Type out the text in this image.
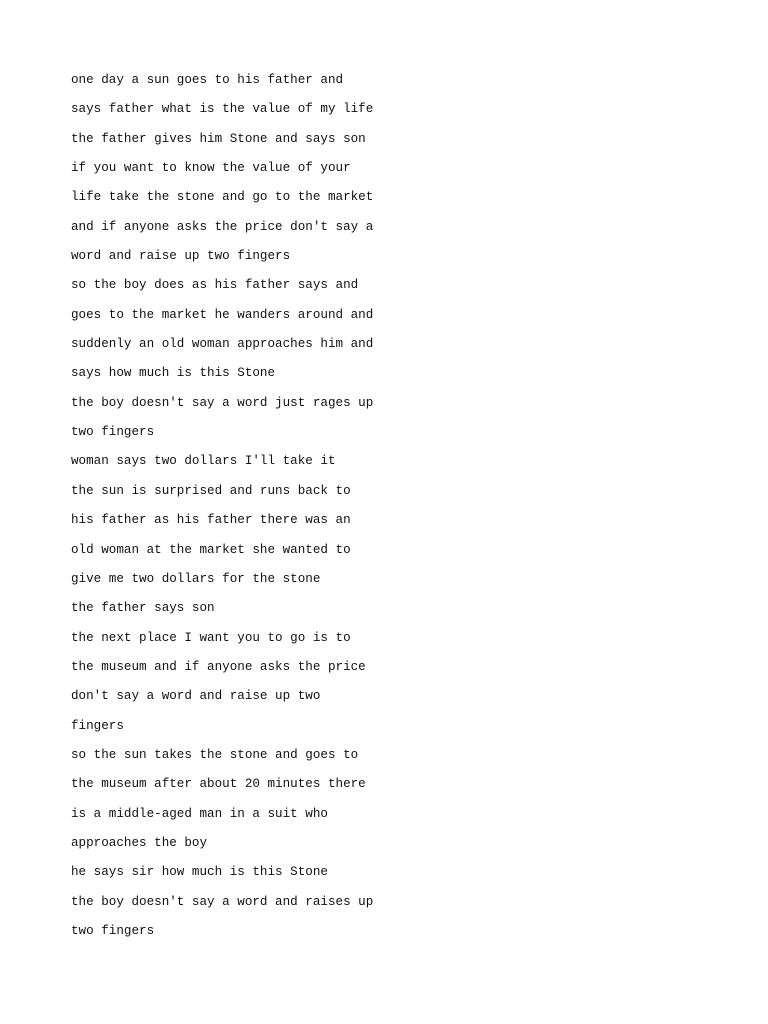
one day a sun goes to his father and
says father what is the value of my life
the father gives him Stone and says son
if you want to know the value of your
life take the stone and go to the market
and if anyone asks the price don't say a
word and raise up two fingers
so the boy does as his father says and
goes to the market he wanders around and
suddenly an old woman approaches him and
says how much is this Stone
the boy doesn't say a word just rages up
two fingers
woman says two dollars I'll take it
the sun is surprised and runs back to
his father as his father there was an
old woman at the market she wanted to
give me two dollars for the stone
the father says son
the next place I want you to go is to
the museum and if anyone asks the price
don't say a word and raise up two
fingers
so the sun takes the stone and goes to
the museum after about 20 minutes there
is a middle-aged man in a suit who
approaches the boy
he says sir how much is this Stone
the boy doesn't say a word and raises up
two fingers
